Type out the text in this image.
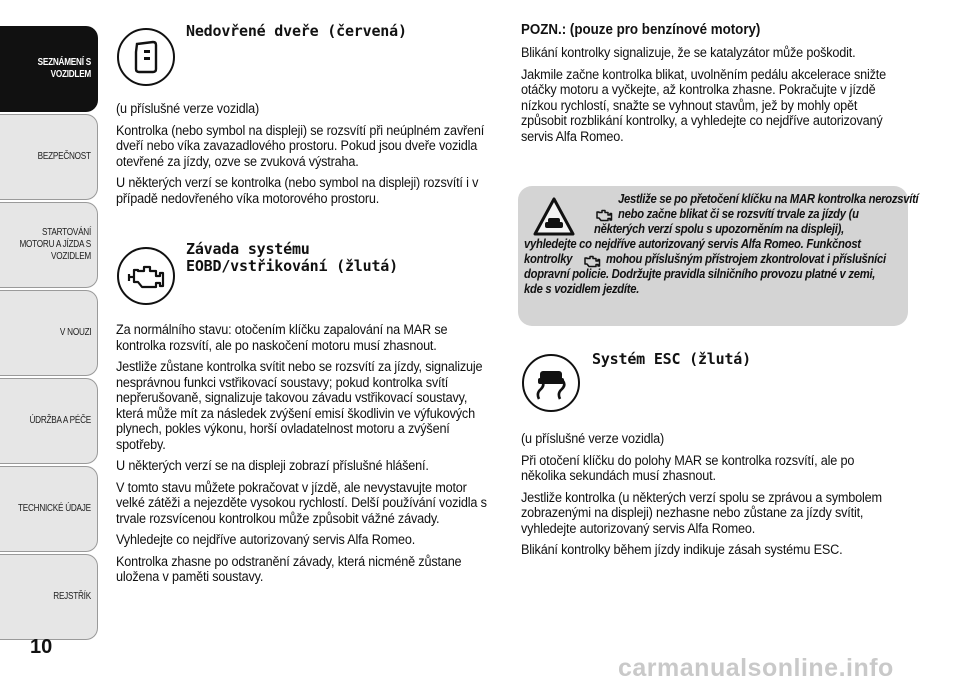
SEZNÁMENÍ S VOZIDLEM
BEZPEČNOST
STARTOVÁNÍ MOTORU A JÍZDA S VOZIDLEM
V NOUZI
ÚDRŽBA A PÉČE
TECHNICKÉ ÚDAJE
REJSTŘÍK
10
Nedovřené dveře (červená)

(u příslušné verze vozidla)

Kontrolka (nebo symbol na displeji) se rozsvítí při neúplném zavření dveří nebo víka zavazadlového prostoru. Pokud jsou dveře vozidla otevřené za jízdy, ozve se zvuková výstraha.

U některých verzí se kontrolka (nebo symbol na displeji) rozsvítí i v případě nedovřeného víka motorového prostoru.

Závada systému
EOBD/vstřikování (žlutá)

Za normálního stavu: otočením klíčku zapalování na MAR se kontrolka rozsvítí, ale po naskočení motoru musí zhasnout.

Jestliže zůstane kontrolka svítit nebo se rozsvítí za jízdy, signalizuje nesprávnou funkci vstřikovací soustavy; pokud kontrolka svítí nepřerušovaně, signalizuje takovou závadu vstřikovací soustavy, která může mít za následek zvýšení emisí škodlivin ve výfukových plynech, pokles výkonu, horší ovladatelnost motoru a zvýšení spotřeby.

U některých verzí se na displeji zobrazí příslušné hlášení.

V tomto stavu můžete pokračovat v jízdě, ale nevystavujte motor velké zátěži a nejezděte vysokou rychlostí. Delší používání vozidla s trvale rozsvícenou kontrolkou může způsobit vážné závady.

Vyhledejte co nejdříve autorizovaný servis Alfa Romeo.

Kontrolka zhasne po odstranění závady, která nicméně zůstane uložena v paměti soustavy.

POZN.: (pouze pro benzínové motory)

Blikání kontrolky signalizuje, že se katalyzátor může poškodit.

Jakmile začne kontrolka blikat, uvolněním pedálu akcelerace snižte otáčky motoru a vyčkejte, až kontrolka zhasne. Pokračujte v jízdě nízkou rychlostí, snažte se vyhnout stavům, jež by mohly opět způsobit rozblikání kontrolky, a vyhledejte co nejdříve autorizovaný servis Alfa Romeo.

Jestliže se po přetočení klíčku na MAR kontrolka nerozsvítí
nebo začne blikat či se rozsvítí trvale za jízdy (u
některých verzí spolu s upozorněním na displeji),
vyhledejte co nejdříve autorizovaný servis Alfa Romeo. Funkčnost
kontrolky	mohou příslušným přístrojem zkontrolovat i příslušníci
dopravní policie. Dodržujte pravidla silničního provozu platné v zemi,
kde s vozidlem jezdíte.
Systém ESC (žlutá)

(u příslušné verze vozidla)

Při otočení klíčku do polohy MAR se kontrolka rozsvítí, ale po několika sekundách musí zhasnout.

Jestliže kontrolka (u některých verzí spolu se zprávou a symbolem zobrazenými na displeji) nezhasne nebo zůstane za jízdy svítit, vyhledejte autorizovaný servis Alfa Romeo.

Blikání kontrolky během jízdy indikuje zásah systému ESC.

carmanualsonline.info
